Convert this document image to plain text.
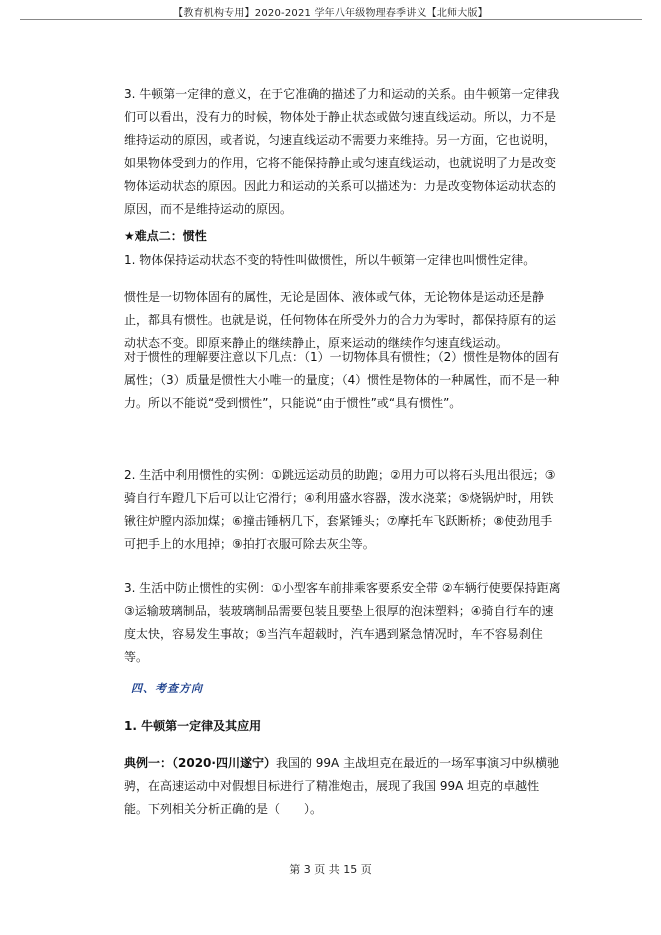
【教育机构专用】2020-2021 学年八年级物理春季讲义【北师大版】

3. 牛顿第一定律的意义，在于它准确的描述了力和运动的关系。由牛顿第一定律我们可以看出，没有力的时候，物体处于静止状态或做匀速直线运动。所以，力不是维持运动的原因，或者说，匀速直线运动不需要力来维持。另一方面，它也说明，如果物体受到力的作用，它将不能保持静止或匀速直线运动，也就说明了力是改变物体运动状态的原因。因此力和运动的关系可以描述为：力是改变物体运动状态的原因，而不是维持运动的原因。

★难点二：惯性

1. 物体保持运动状态不变的特性叫做惯性，所以牛顿第一定律也叫惯性定律。

惯性是一切物体固有的属性，无论是固体、液体或气体，无论物体是运动还是静止，都具有惯性。也就是说，任何物体在所受外力的合力为零时，都保持原有的运动状态不变。即原来静止的继续静止，原来运动的继续作匀速直线运动。

对于惯性的理解要注意以下几点：（1）一切物体具有惯性；（2）惯性是物体的固有属性；（3）质量是惯性大小唯一的量度；（4）惯性是物体的一种属性，而不是一种力。所以不能说“受到惯性”，只能说“由于惯性”或“具有惯性”。

2. 生活中利用惯性的实例：①跳远运动员的助跑；②用力可以将石头甩出很远；③骑自行车蹬几下后可以让它滑行；④利用盛水容器，泼水浇菜；⑤烧锅炉时，用铁锹往炉膛内添加煤；⑥撞击锤柄几下，套紧锤头；⑦摩托车飞跃断桥；⑧使劲甩手可把手上的水甩掉；⑨拍打衣服可除去灰尘等。

3. 生活中防止惯性的实例：①小型客车前排乘客要系安全带 ②车辆行使要保持距离 ③运输玻璃制品，装玻璃制品需要包装且要垫上很厚的泡沫塑料；④骑自行车的速度太快，容易发生事故；⑤当汽车超载时，汽车遇到紧急情况时，车不容易刹住等。

四、考查方向

1. 牛顿第一定律及其应用

典例一：（2020·四川遂宁）我国的 99A 主战坦克在最近的一场军事演习中纵横驰骋，在高速运动中对假想目标进行了精准炮击，展现了我国 99A 坦克的卓越性能。下列相关分析正确的是（　　）。

第 3 页 共 15 页
